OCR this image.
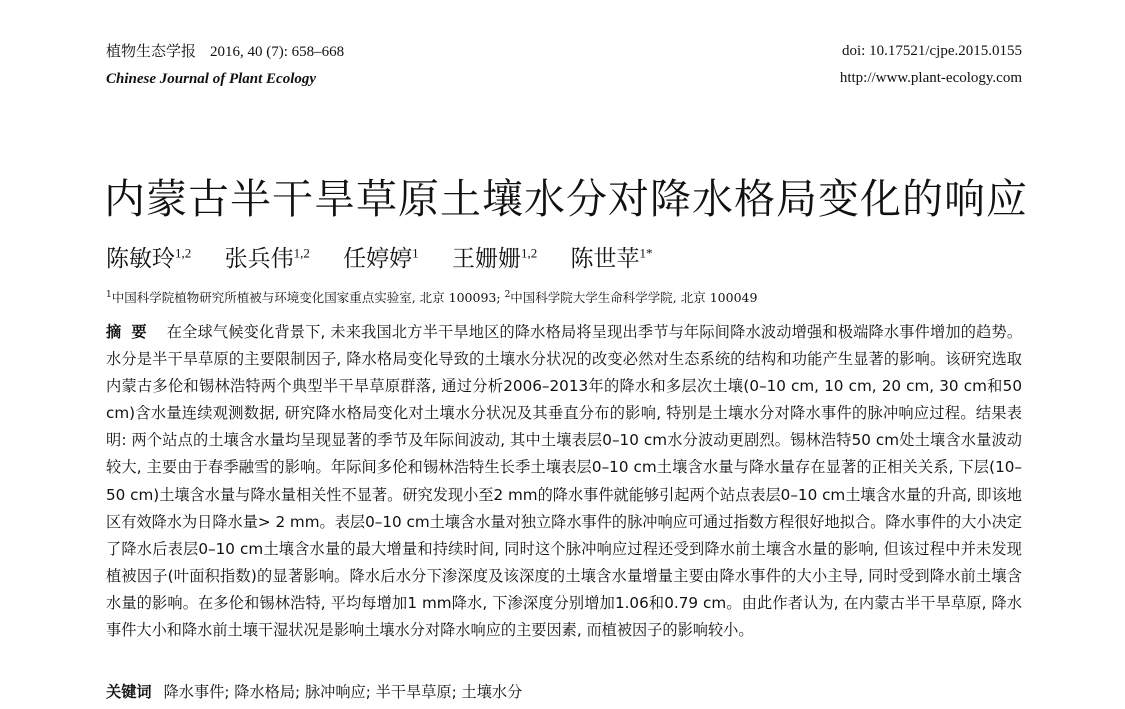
植物生态学报 2016, 40 (7): 658–668
Chinese Journal of Plant Ecology
doi: 10.17521/cjpe.2015.0155
http://www.plant-ecology.com
内蒙古半干旱草原土壤水分对降水格局变化的响应
陈敏玲$^{1,2}$ 张兵伟$^{1,2}$ 任婷婷$^1$ 王姗姗$^{1,2}$ 陈世苹$^{1*}$
$^1$中国科学院植物研究所植被与环境变化国家重点实验室, 北京 100093; $^2$中国科学院大学生命科学学院, 北京 100049
摘要 在全球气候变化背景下, 未来我国北方半干旱地区的降水格局将呈现出季节与年际间降水波动增强和极端降水事件增加的趋势。水分是半干旱草原的主要限制因子, 降水格局变化导致的土壤水分状况的改变必然对生态系统的结构和功能产生显著的影响。该研究选取内蒙古多伦和锡林浩特两个典型半干旱草原群落, 通过分析2006–2013年的降水和多层次土壤(0–10 cm, 10 cm, 20 cm, 30 cm和50 cm)含水量连续观测数据, 研究降水格局变化对土壤水分状况及其垂直分布的影响, 特别是土壤水分对降水事件的脉冲响应过程。结果表明: 两个站点的土壤含水量均呈现显著的季节及年际间波动, 其中土壤表层0–10 cm水分波动更剧烈。锡林浩特50 cm处土壤含水量波动较大, 主要由于春季融雪的影响。年际间多伦和锡林浩特生长季土壤表层0–10 cm土壤含水量与降水量存在显著的正相关关系, 下层(10–50 cm)土壤含水量与降水量相关性不显著。研究发现小至2 mm的降水事件就能够引起两个站点表层0–10 cm土壤含水量的升高, 即该地区有效降水为日降水量> 2 mm。表层0–10 cm土壤含水量对独立降水事件的脉冲响应可通过指数方程很好地拟合。降水事件的大小决定了降水后表层0–10 cm土壤含水量的最大增量和持续时间, 同时这个脉冲响应过程还受到降水前土壤含水量的影响, 但该过程中并未发现植被因子(叶面积指数)的显著影响。降水后水分下渗深度及该深度的土壤含水量增量主要由降水事件的大小主导, 同时受到降水前土壤含水量的影响。在多伦和锡林浩特, 平均每增加1 mm降水, 下渗深度分别增加1.06和0.79 cm。由此作者认为, 在内蒙古半干旱草原, 降水事件大小和降水前土壤干湿状况是影响土壤水分对降水响应的主要因素, 而植被因子的影响较小。
关键词 降水事件; 降水格局; 脉冲响应; 半干旱草原; 土壤水分
